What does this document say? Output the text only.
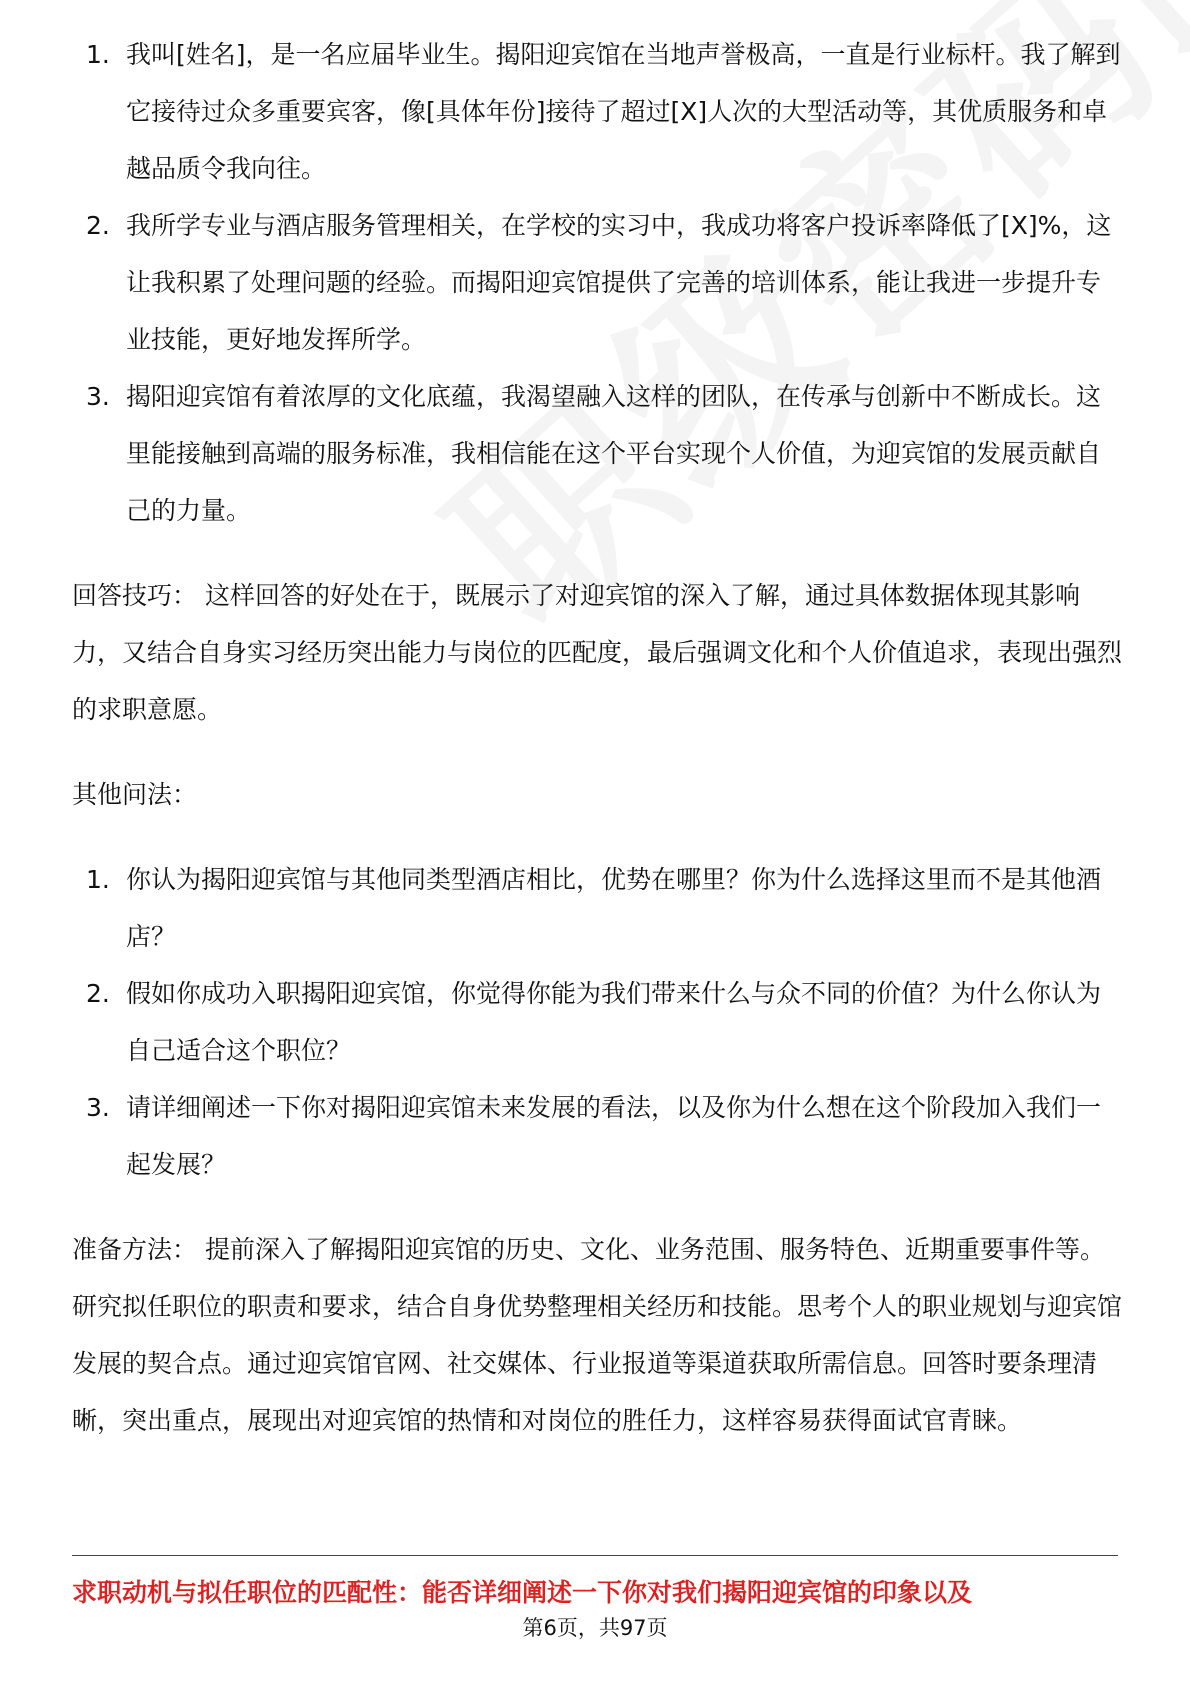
1. 我叫[姓名]，是一名应届毕业生。揭阳迎宾馆在当地声誉极高，一直是行业标杆。我了解到它接待过众多重要宾客，像[具体年份]接待了超过[X]人次的大型活动等，其优质服务和卓越品质令我向往。
2. 我所学专业与酒店服务管理相关，在学校的实习中，我成功将客户投诉率降低了[X]%，这让我积累了处理问题的经验。而揭阳迎宾馆提供了完善的培训体系，能让我进一步提升专业技能，更好地发挥所学。
3. 揭阳迎宾馆有着浓厚的文化底蕴，我渴望融入这样的团队，在传承与创新中不断成长。这里能接触到高端的服务标准，我相信能在这个平台实现个人价值，为迎宾馆的发展贡献自己的力量。

回答技巧： 这样回答的好处在于，既展示了对迎宾馆的深入了解，通过具体数据体现其影响力，又结合自身实习经历突出能力与岗位的匹配度，最后强调文化和个人价值追求，表现出强烈的求职意愿。

其他问法：

1. 你认为揭阳迎宾馆与其他同类型酒店相比，优势在哪里？你为什么选择这里而不是其他酒店？
2. 假如你成功入职揭阳迎宾馆，你觉得你能为我们带来什么与众不同的价值？为什么你认为自己适合这个职位？
3. 请详细阐述一下你对揭阳迎宾馆未来发展的看法，以及你为什么想在这个阶段加入我们一起发展？

准备方法： 提前深入了解揭阳迎宾馆的历史、文化、业务范围、服务特色、近期重要事件等。研究拟任职位的职责和要求，结合自身优势整理相关经历和技能。思考个人的职业规划与迎宾馆发展的契合点。通过迎宾馆官网、社交媒体、行业报道等渠道获取所需信息。回答时要条理清晰，突出重点，展现出对迎宾馆的热情和对岗位的胜任力，这样容易获得面试官青睐。

求职动机与拟任职位的匹配性：能否详细阐述一下你对我们揭阳迎宾馆的印象以及
第6页，共97页
